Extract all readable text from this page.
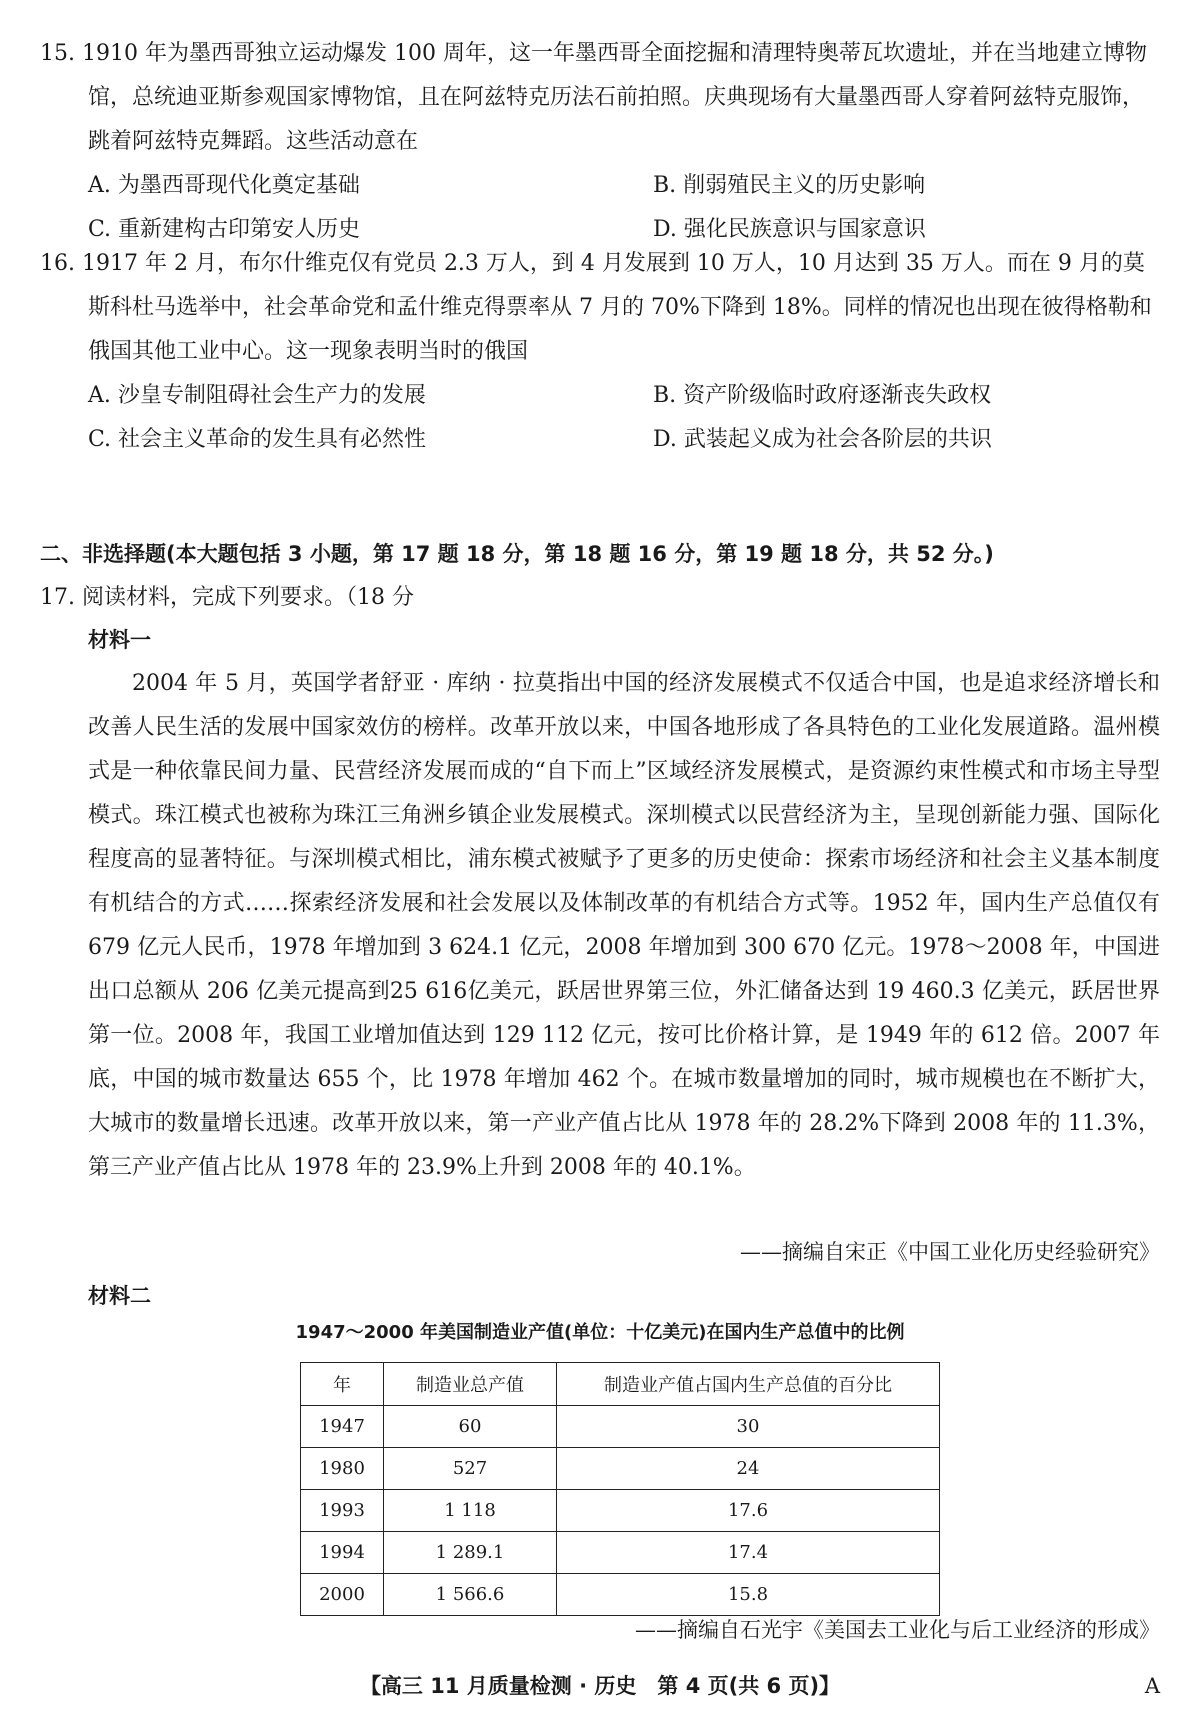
15. 1910 年为墨西哥独立运动爆发 100 周年，这一年墨西哥全面挖掘和清理特奥蒂瓦坎遗址，并在当地建立博物馆，总统迪亚斯参观国家博物馆，且在阿兹特克历法石前拍照。庆典现场有大量墨西哥人穿着阿兹特克服饰，跳着阿兹特克舞蹈。这些活动意在

A. 为墨西哥现代化奠定基础	B. 削弱殖民主义的历史影响
C. 重新建构古印第安人历史	D. 强化民族意识与国家意识

16. 1917 年 2 月，布尔什维克仅有党员 2.3 万人，到 4 月发展到 10 万人，10 月达到 35 万人。而在 9 月的莫斯科杜马选举中，社会革命党和孟什维克得票率从 7 月的 70%下降到 18%。同样的情况也出现在彼得格勒和俄国其他工业中心。这一现象表明当时的俄国

A. 沙皇专制阻碍社会生产力的发展	B. 资产阶级临时政府逐渐丧失政权
C. 社会主义革命的发生具有必然性	D. 武装起义成为社会各阶层的共识
二、非选择题(本大题包括 3 小题，第 17 题 18 分，第 18 题 16 分，第 19 题 18 分，共 52 分。)
17. 阅读材料，完成下列要求。（18 分
材料一

2004 年 5 月，英国学者舒亚 · 库纳 · 拉莫指出中国的经济发展模式不仅适合中国，也是追求经济增长和改善人民生活的发展中国家效仿的榜样。改革开放以来，中国各地形成了各具特色的工业化发展道路。温州模式是一种依靠民间力量、民营经济发展而成的“自下而上”区域经济发展模式，是资源约束性模式和市场主导型模式。珠江模式也被称为珠江三角洲乡镇企业发展模式。深圳模式以民营经济为主，呈现创新能力强、国际化程度高的显著特征。与深圳模式相比，浦东模式被赋予了更多的历史使命：探索市场经济和社会主义基本制度有机结合的方式……探索经济发展和社会发展以及体制改革的有机结合方式等。1952 年，国内生产总值仅有 679 亿元人民币，1978 年增加到 3 624.1 亿元，2008 年增加到 300 670 亿元。1978～2008 年，中国进出口总额从 206 亿美元提高到25 616亿美元，跃居世界第三位，外汇储备达到 19 460.3 亿美元，跃居世界第一位。2008 年，我国工业增加值达到 129 112 亿元，按可比价格计算，是 1949 年的 612 倍。2007 年底，中国的城市数量达 655 个，比 1978 年增加 462 个。在城市数量增加的同时，城市规模也在不断扩大，大城市的数量增长迅速。改革开放以来，第一产业产值占比从 1978 年的 28.2%下降到 2008 年的 11.3%，第三产业产值占比从 1978 年的 23.9%上升到 2008 年的 40.1%。

——摘编自宋正《中国工业化历史经验研究》
材料二
1947～2000 年美国制造业产值(单位：十亿美元)在国内生产总值中的比例
年	制造业总产值	制造业产值占国内生产总值的百分比
1947	60	30
1980	527	24
1993	1 118	17.6
1994	1 289.1	17.4
2000	1 566.6	15.8
——摘编自石光宇《美国去工业化与后工业经济的形成》
【高三 11 月质量检测 · 历史　第 4 页(共 6 页)】	A
